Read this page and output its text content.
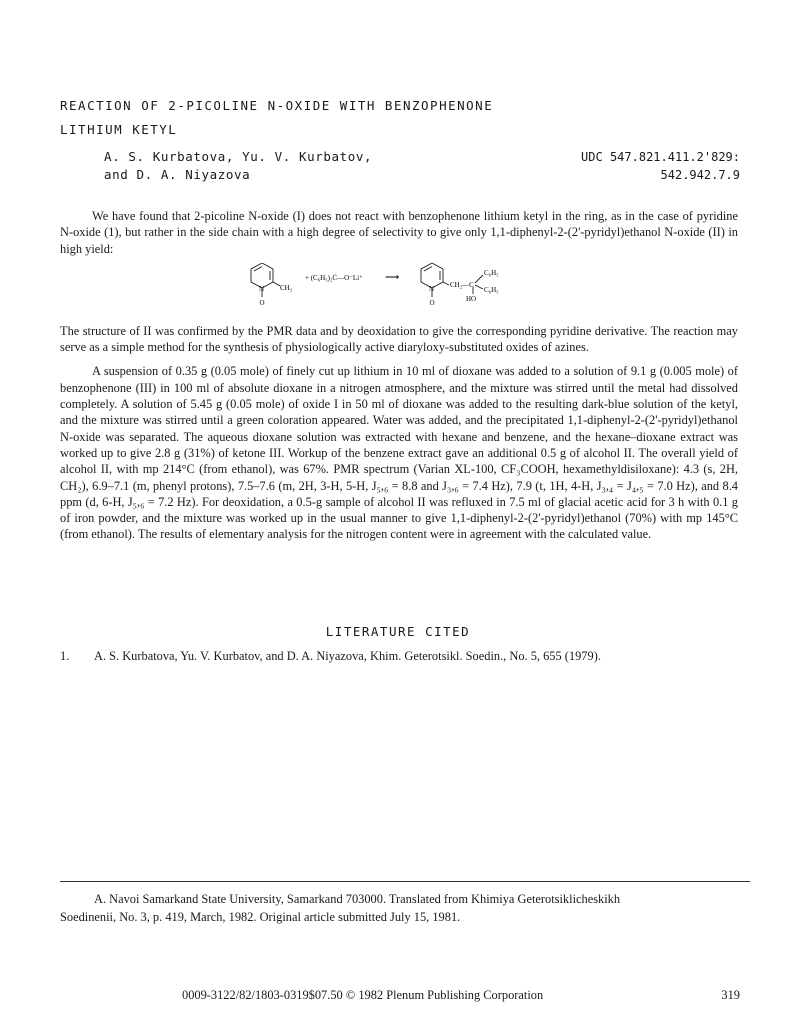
REACTION OF 2-PICOLINE N-OXIDE WITH BENZOPHENONE
LITHIUM KETYL
A. S. Kurbatova, Yu. V. Kurbatov,
and D. A. Niyazova
UDC 547.821.411.2'829:
542.942.7.9

We have found that 2-picoline N-oxide (I) does not react with benzophenone lithium ketyl in the ring, as in the case of pyridine N-oxide (1), but rather in the side chain with a high degree of selectivity to give only 1,1-diphenyl-2-(2'-pyridyl)ethanol N-oxide (II) in high yield:

N CH₃
O
+ (C₆H₅)₂Ċ—O⁻Li⁺ ⟶
N
O
CH₂—C
C₆H₅
C₆H₅
HO

The structure of II was confirmed by the PMR data and by deoxidation to give the corresponding pyridine derivative. The reaction may serve as a simple method for the synthesis of physiologically active diaryloxy-substituted oxides of azines.

A suspension of 0.35 g (0.05 mole) of finely cut up lithium in 10 ml of dioxane was added to a solution of 9.1 g (0.005 mole) of benzophenone (III) in 100 ml of absolute dioxane in a nitrogen atmosphere, and the mixture was stirred until the metal had dissolved completely. A solution of 5.45 g (0.05 mole) of oxide I in 50 ml of dioxane was added to the resulting dark-blue solution of the ketyl, and the mixture was stirred until a green coloration appeared. Water was added, and the precipitated 1,1-diphenyl-2-(2'-pyridyl)ethanol N-oxide was separated. The aqueous dioxane solution was extracted with hexane and benzene, and the hexane–dioxane extract was worked up to give 2.8 g (31%) of ketone III. Workup of the benzene extract gave an additional 0.5 g of alcohol II. The overall yield of alcohol II, with mp 214°C (from ethanol), was 67%. PMR spectrum (Varian XL-100, CF₃COOH, hexamethyldisiloxane): 4.3 (s, 2H, CH₂), 6.9–7.1 (m, phenyl protons), 7.5–7.6 (m, 2H, 3-H, 5-H, J₅,₆ = 8.8 and J₃,₆ = 7.4 Hz), 7.9 (t, 1H, 4-H, J₃,₄ = J₄,₅ = 7.0 Hz), and 8.4 ppm (d, 6-H, J₅,₆ = 7.2 Hz). For deoxidation, a 0.5-g sample of alcohol II was refluxed in 7.5 ml of glacial acetic acid for 3 h with 0.1 g of iron powder, and the mixture was worked up in the usual manner to give 1,1-diphenyl-2-(2'-pyridyl)ethanol (70%) with mp 145°C (from ethanol). The results of elementary analysis for the nitrogen content were in agreement with the calculated value.

LITERATURE CITED
1. A. S. Kurbatova, Yu. V. Kurbatov, and D. A. Niyazova, Khim. Geterotsikl. Soedin., No. 5, 655 (1979).

A. Navoi Samarkand State University, Samarkand 703000. Translated from Khimiya Geterotsiklicheskikh

Soedinenii, No. 3, p. 419, March, 1982. Original article submitted July 15, 1981.

0009-3122/82/1803-0319$07.50 © 1982 Plenum Publishing Corporation	319
